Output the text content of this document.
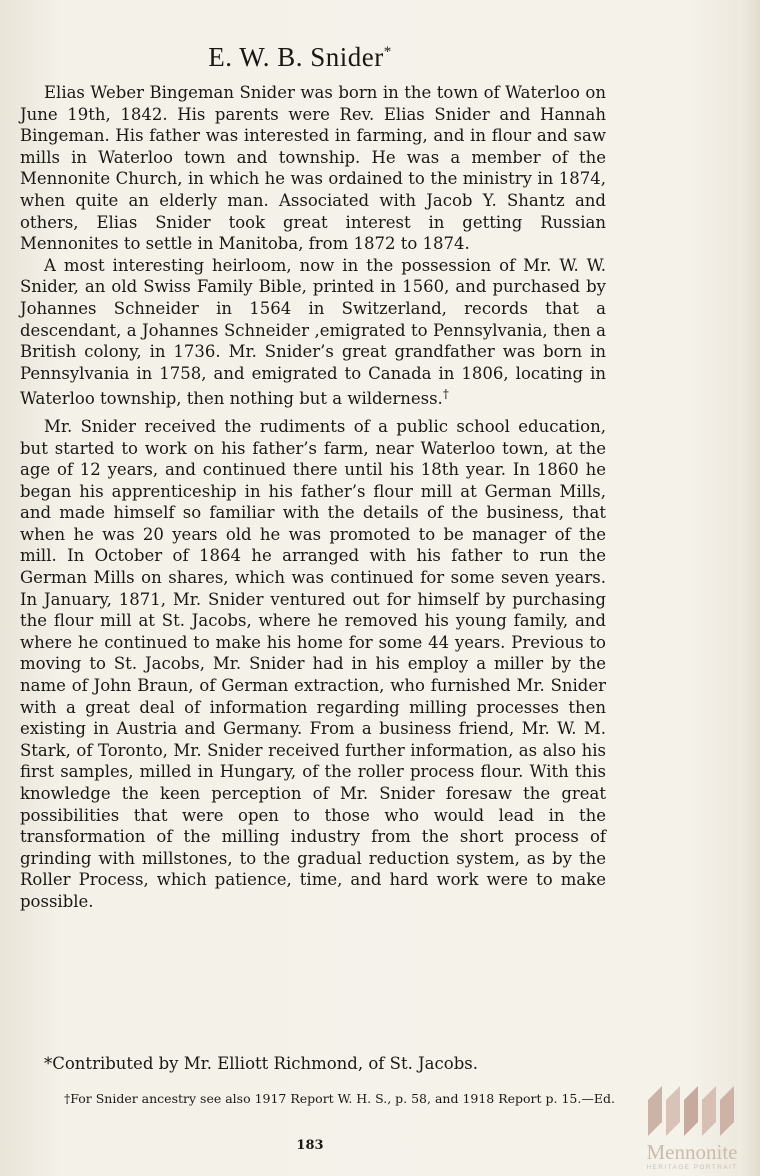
E. W. B. Snider*

Elias Weber Bingeman Snider was born in the town of Waterloo on June 19th, 1842. His parents were Rev. Elias Snider and Hannah Bingeman. His father was interested in farming, and in flour and saw mills in Waterloo town and township. He was a member of the Mennonite Church, in which he was ordained to the ministry in 1874, when quite an elderly man. Associated with Jacob Y. Shantz and others, Elias Snider took great interest in getting Russian Mennonites to settle in Manitoba, from 1872 to 1874.

A most interesting heirloom, now in the possession of Mr. W. W. Snider, an old Swiss Family Bible, printed in 1560, and purchased by Johannes Schneider in 1564 in Switzerland, records that a descendant, a Johannes Schneider ,emigrated to Pennsylvania, then a British colony, in 1736. Mr. Snider’s great grandfather was born in Pennsylvania in 1758, and emigrated to Canada in 1806, locating in Waterloo township, then nothing but a wilderness.†

Mr. Snider received the rudiments of a public school education, but started to work on his father’s farm, near Waterloo town, at the age of 12 years, and continued there until his 18th year. In 1860 he began his apprenticeship in his father’s flour mill at German Mills, and made himself so familiar with the details of the business, that when he was 20 years old he was promoted to be manager of the mill. In October of 1864 he arranged with his father to run the German Mills on shares, which was continued for some seven years. In January, 1871, Mr. Snider ventured out for himself by purchasing the flour mill at St. Jacobs, where he removed his young family, and where he continued to make his home for some 44 years. Previous to moving to St. Jacobs, Mr. Snider had in his employ a miller by the name of John Braun, of German extraction, who furnished Mr. Snider with a great deal of information regarding milling processes then existing in Austria and Germany. From a business friend, Mr. W. M. Stark, of Toronto, Mr. Snider received further information, as also his first samples, milled in Hungary, of the roller process flour. With this knowledge the keen perception of Mr. Snider foresaw the great possibilities that were open to those who would lead in the transformation of the milling industry from the short process of grinding with millstones, to the gradual reduction system, as by the Roller Process, which patience, time, and hard work were to make possible.

*Contributed by Mr. Elliott Richmond, of St. Jacobs.
†For Snider ancestry see also 1917 Report W. H. S., p. 58, and 1918 Report p. 15.—Ed.
183	Mennonite
HERITAGE PORTRAIT
